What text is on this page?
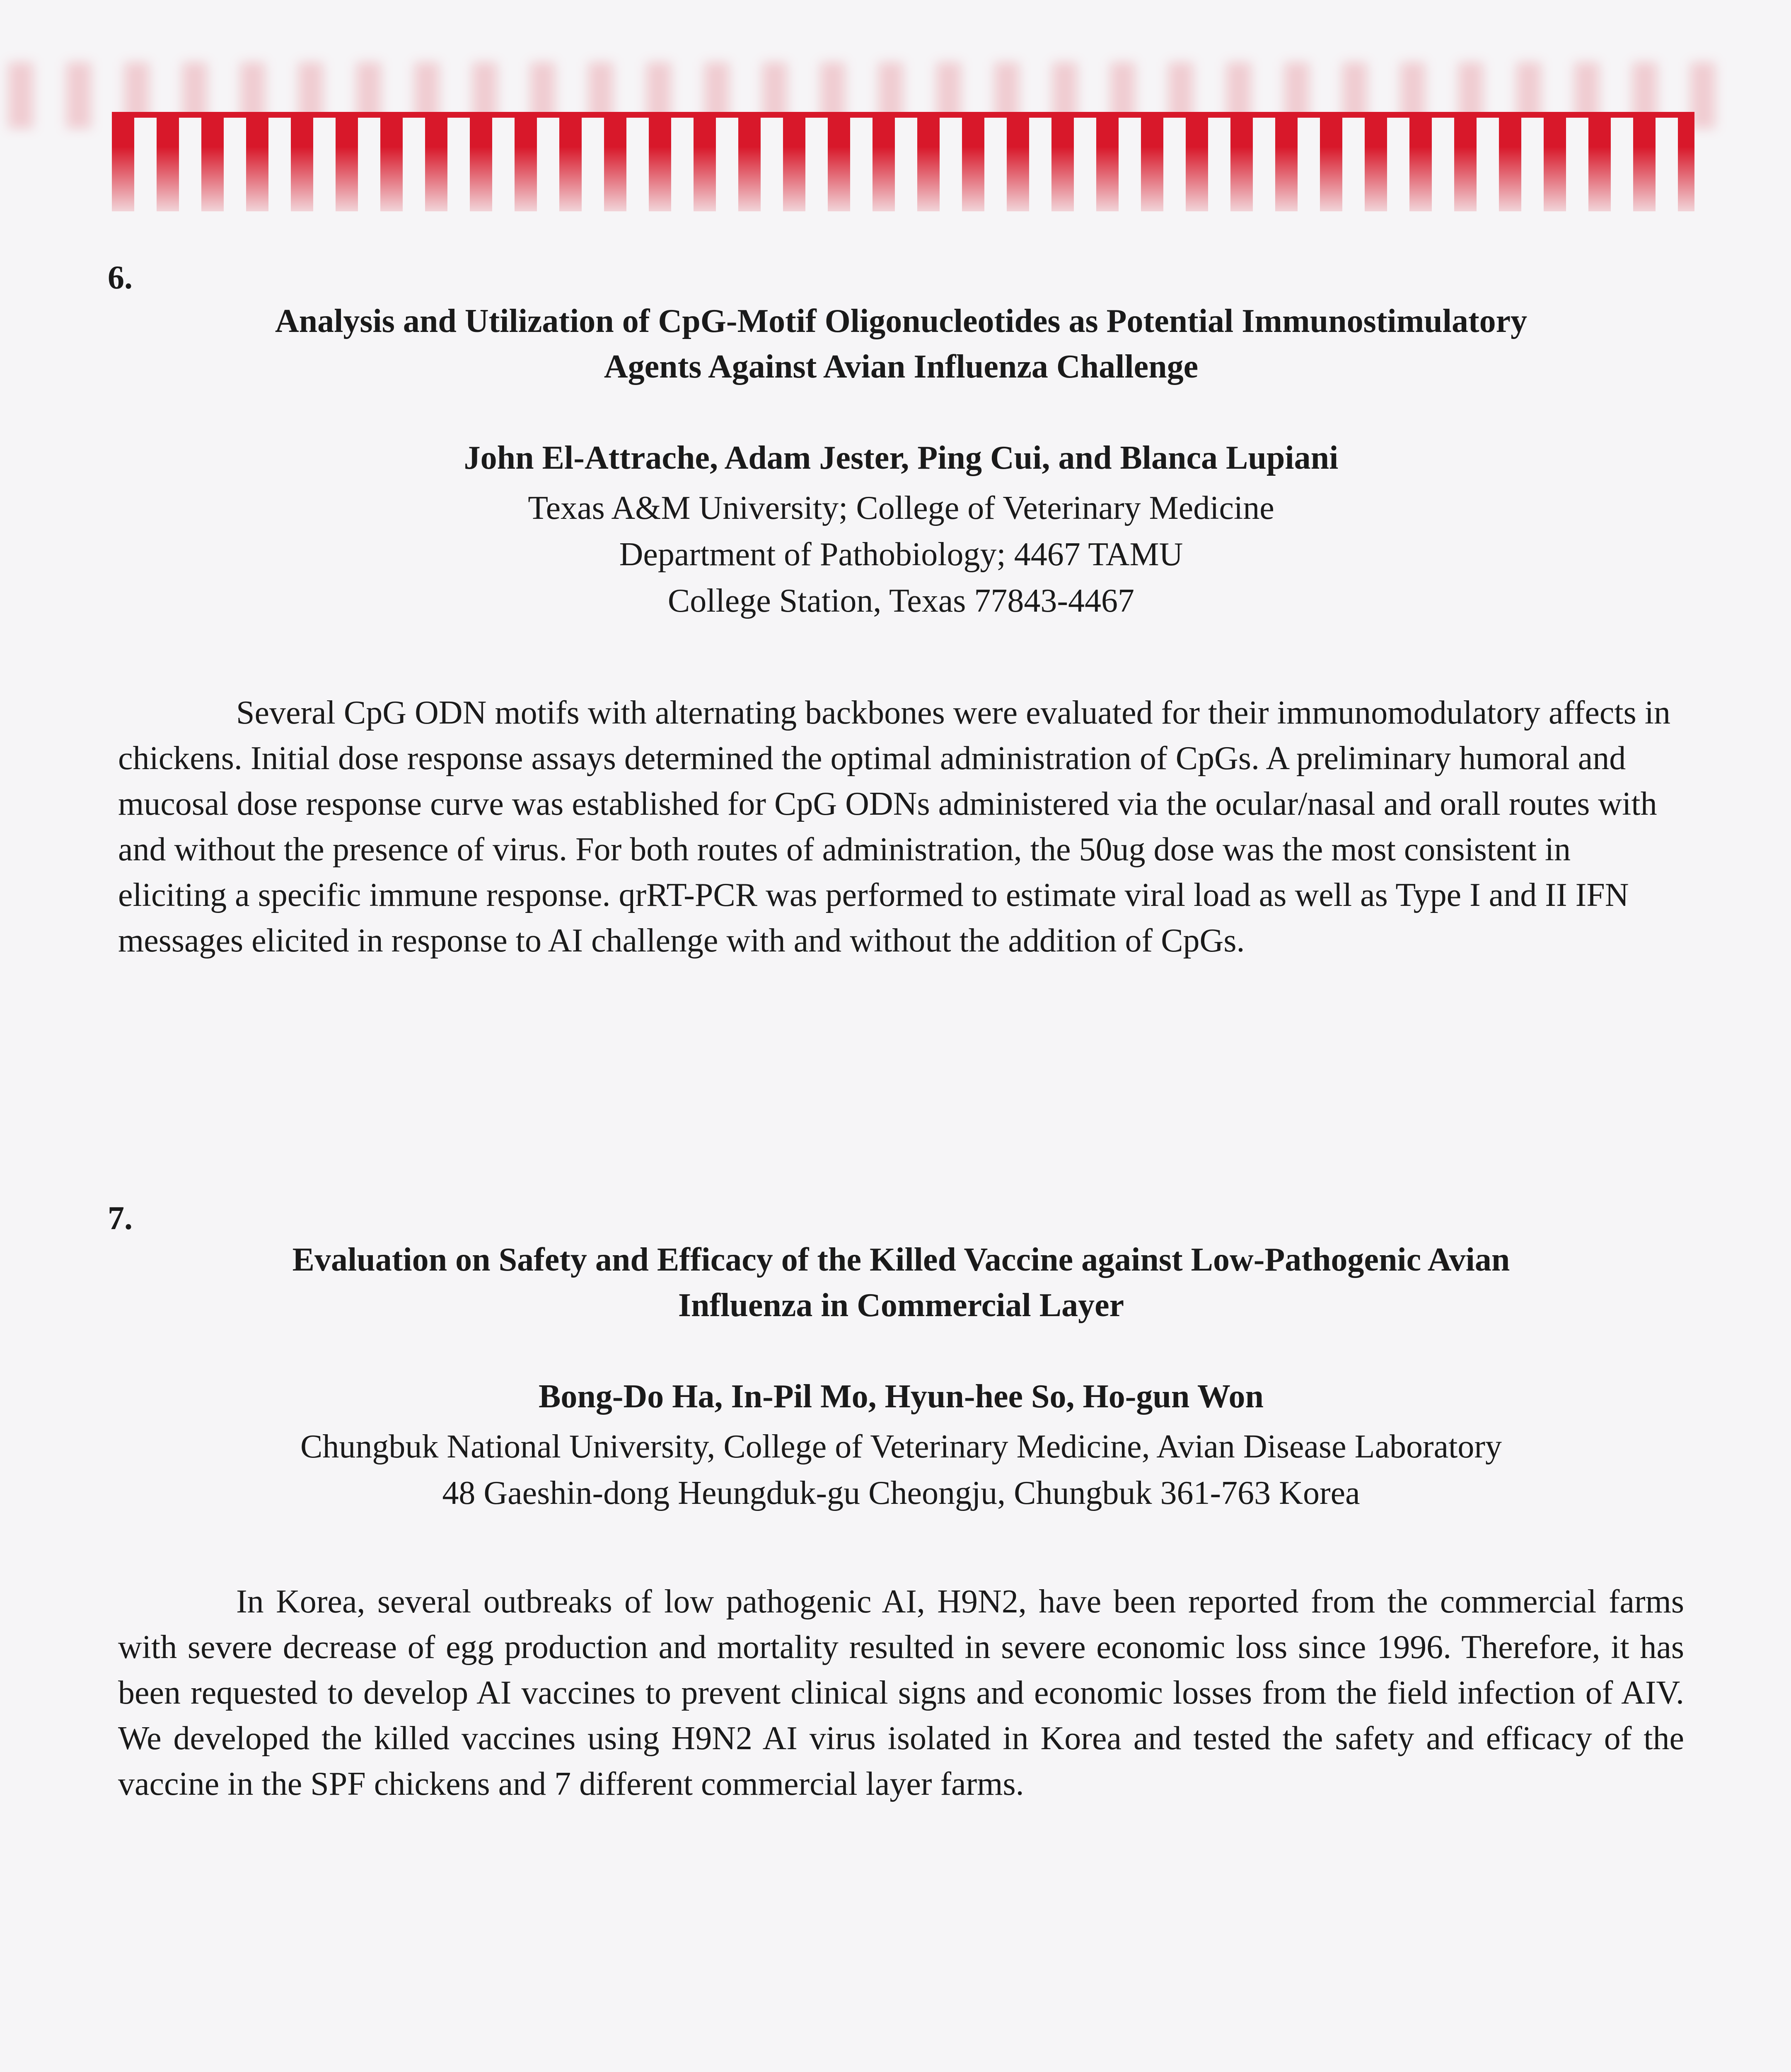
6.
Analysis and Utilization of CpG-Motif Oligonucleotides as Potential Immunostimulatory
Agents Against Avian Influenza Challenge
John El-Attrache, Adam Jester, Ping Cui, and Blanca Lupiani
Texas A&M University; College of Veterinary Medicine
Department of Pathobiology; 4467 TAMU
College Station, Texas 77843-4467
Several CpG ODN motifs with alternating backbones were evaluated for their immunomodulatory affects in chickens. Initial dose response assays determined the optimal administration of CpGs. A preliminary humoral and mucosal dose response curve was established for CpG ODNs administered via the ocular/nasal and orall routes with and without the presence of virus. For both routes of administration, the 50ug dose was the most consistent in eliciting a specific immune response. qrRT-PCR was performed to estimate viral load as well as Type I and II IFN messages elicited in response to AI challenge with and without the addition of CpGs.
7.
Evaluation on Safety and Efficacy of the Killed Vaccine against Low-Pathogenic Avian
Influenza in Commercial Layer
Bong-Do Ha, In-Pil Mo, Hyun-hee So, Ho-gun Won
Chungbuk National University, College of Veterinary Medicine, Avian Disease Laboratory
48 Gaeshin-dong Heungduk-gu Cheongju, Chungbuk 361-763 Korea
In Korea, several outbreaks of low pathogenic AI, H9N2, have been reported from the commercial farms with severe decrease of egg production and mortality resulted in severe economic loss since 1996. Therefore, it has been requested to develop AI vaccines to prevent clinical signs and economic losses from the field infection of AIV. We developed the killed vaccines using H9N2 AI virus isolated in Korea and tested the safety and efficacy of the vaccine in the SPF chickens and 7 different commercial layer farms.
